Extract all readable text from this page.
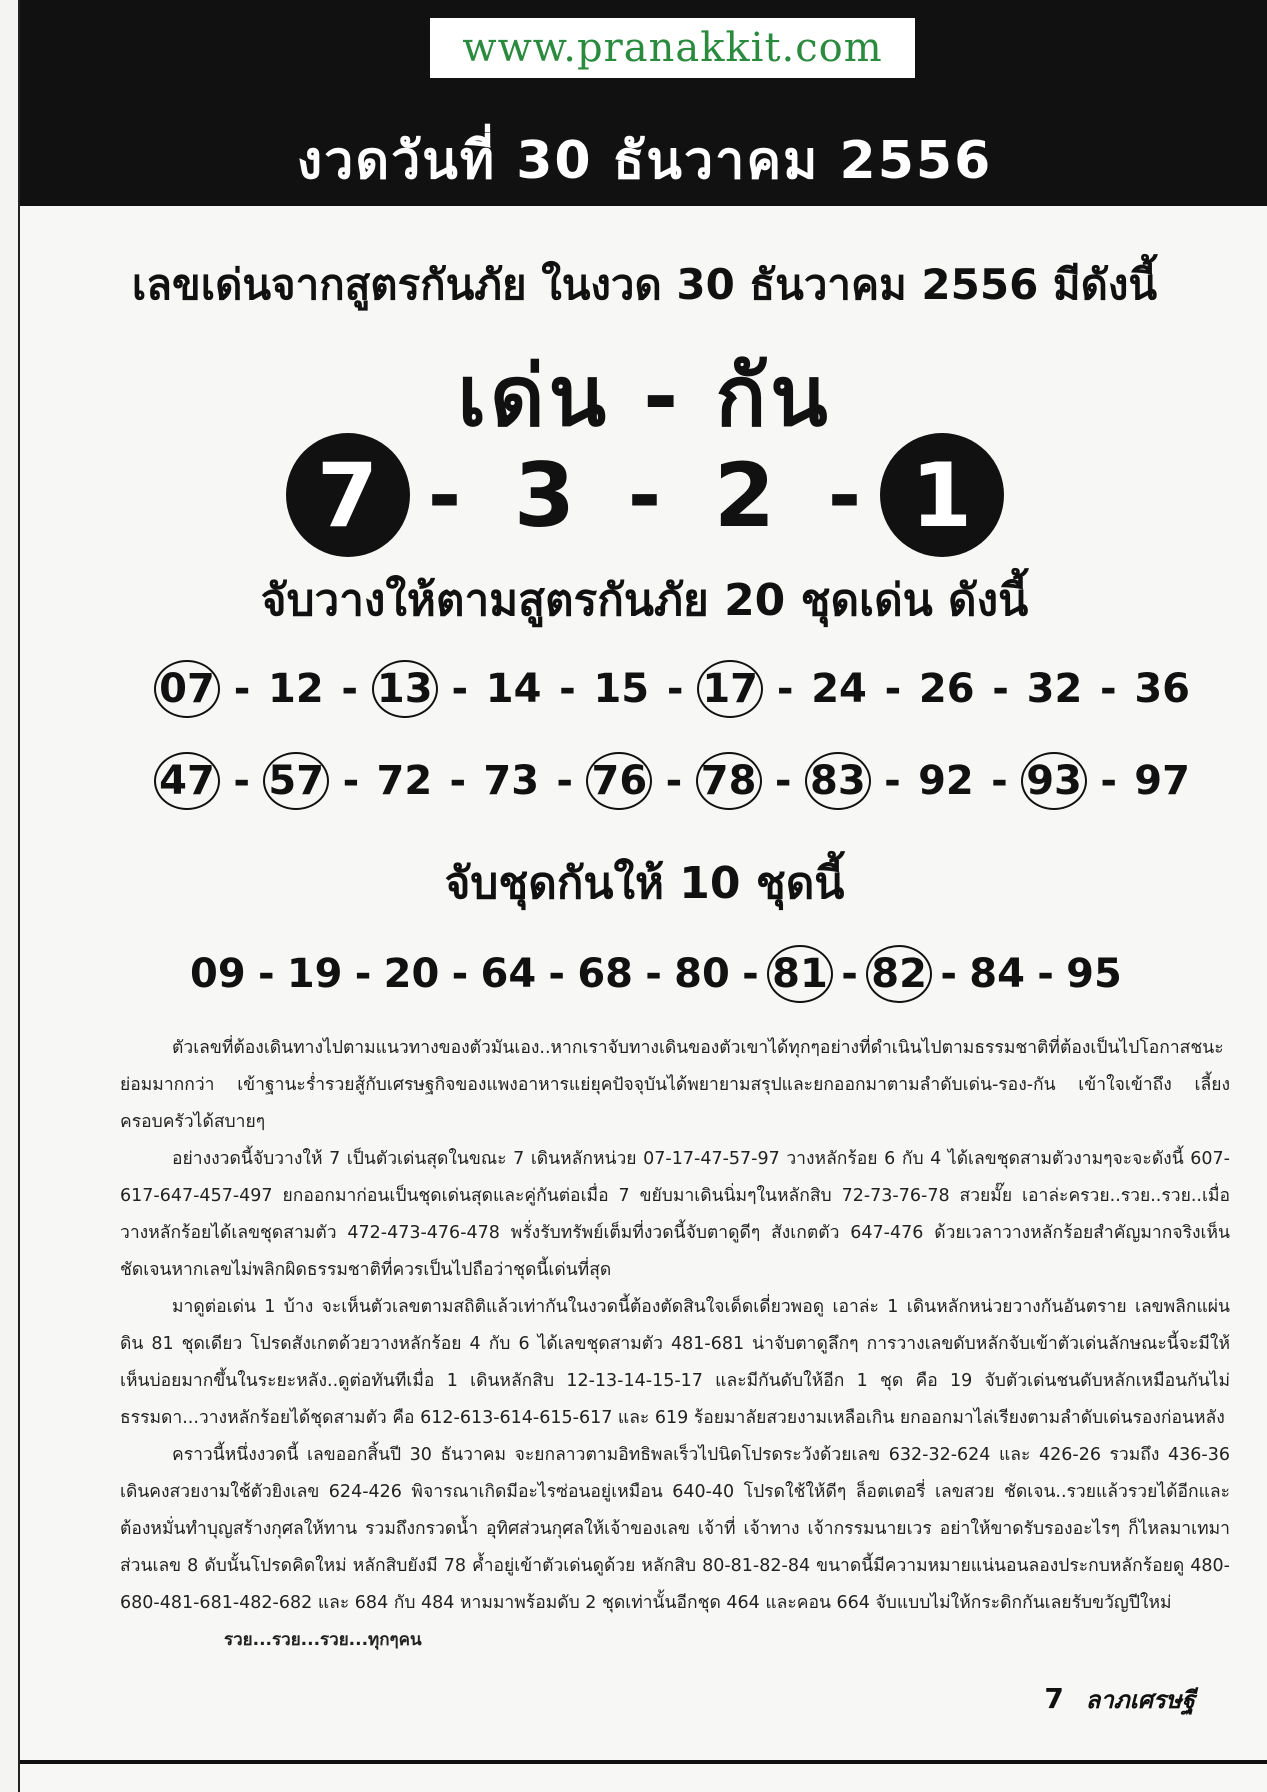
www.pranakkit.com
งวดวันที่ 30 ธันวาคม 2556
เลขเด่นจากสูตรกันภัย ในงวด 30 ธันวาคม 2556 มีดังนี้
เด่น - กัน
7 - 3 - 2 - 1
จับวางให้ตามสูตรกันภัย 20 ชุดเด่น ดังนี้
07 - 12 - 13 - 14 - 15 - 17 - 24 - 26 - 32 - 36
47 - 57 - 72 - 73 - 76 - 78 - 83 - 92 - 93 - 97
จับชุดกันให้ 10 ชุดนี้
09 - 19 - 20 - 64 - 68 - 80 - 81 - 82 - 84 - 95

ตัวเลขที่ต้องเดินทางไปตามแนวทางของตัวมันเอง..หากเราจับทางเดินของตัวเขาได้ทุกๆอย่างที่ดำเนินไปตามธรรมชาติที่ต้องเป็นไปโอกาสชนะย่อมมากกว่า เข้าฐานะร่ำรวยสู้กับเศรษฐกิจของแพงอาหารแย่ยุคปัจจุบันได้พยายามสรุปและยกออกมาตามลำดับเด่น-รอง-กัน เข้าใจเข้าถึง เลี้ยงครอบครัวได้สบายๆ

อย่างงวดนี้จับวางให้ 7 เป็นตัวเด่นสุดในขณะ 7 เดินหลักหน่วย 07-17-47-57-97 วางหลักร้อย 6 กับ 4 ได้เลขชุดสามตัวงามๆจะจะดังนี้ 607-617-647-457-497 ยกออกมาก่อนเป็นชุดเด่นสุดและคู่กันต่อเมื่อ 7 ขยับมาเดินนิ่มๆในหลักสิบ 72-73-76-78 สวยมั๊ย เอาล่ะครวย..รวย..รวย..เมื่อวางหลักร้อยได้เลขชุดสามตัว 472-473-476-478 พรั่งรับทรัพย์เต็มที่งวดนี้จับตาดูดีๆ สังเกตตัว 647-476 ด้วยเวลาวางหลักร้อยสำคัญมากจริงเห็นชัดเจนหากเลขไม่พลิกผิดธรรมชาติที่ควรเป็นไปถือว่าชุดนี้เด่นที่สุด

มาดูต่อเด่น 1 บ้าง จะเห็นตัวเลขตามสถิติแล้วเท่ากันในงวดนี้ต้องตัดสินใจเด็ดเดี่ยวพอดู เอาล่ะ 1 เดินหลักหน่วยวางกันอันตราย เลขพลิกแผ่นดิน 81 ชุดเดียว โปรดสังเกตด้วยวางหลักร้อย 4 กับ 6 ได้เลขชุดสามตัว 481-681 น่าจับตาดูลึกๆ การวางเลขดับหลักจับเข้าตัวเด่นลักษณะนี้จะมีให้เห็นบ่อยมากขึ้นในระยะหลัง..ดูต่อทันทีเมื่อ 1 เดินหลักสิบ 12-13-14-15-17 และมีกันดับให้อีก 1 ชุด คือ 19 จับตัวเด่นชนดับหลักเหมือนกันไม่ธรรมดา...วางหลักร้อยได้ชุดสามตัว คือ 612-613-614-615-617 และ 619 ร้อยมาลัยสวยงามเหลือเกิน ยกออกมาไล่เรียงตามลำดับเด่นรองก่อนหลัง

คราวนี้หนึ่งงวดนี้ เลขออกสิ้นปี 30 ธันวาคม จะยกลาวตามอิทธิพลเร็วไปนิดโปรดระวังด้วยเลข 632-32-624 และ 426-26 รวมถึง 436-36 เดินคงสวยงามใช้ตัวยิงเลข 624-426 พิจารณาเกิดมีอะไรซ่อนอยู่เหมือน 640-40 โปรดใช้ให้ดีๆ ล็อตเตอรี่ เลขสวย ชัดเจน..รวยแล้วรวยได้อีกและต้องหมั่นทำบุญสร้างกุศลให้ทาน รวมถึงกรวดน้ำ อุทิศส่วนกุศลให้เจ้าของเลข เจ้าที่ เจ้าทาง เจ้ากรรมนายเวร อย่าให้ขาดรับรองอะไรๆ ก็ไหลมาเทมาส่วนเลข 8 ดับนั้นโปรดคิดใหม่ หลักสิบยังมี 78 ค้ำอยู่เข้าตัวเด่นดูด้วย หลักสิบ 80-81-82-84 ขนาดนี้มีความหมายแน่นอนลองประกบหลักร้อยดู 480-680-481-681-482-682 และ 684 กับ 484 หามมาพร้อมดับ 2 ชุดเท่านั้นอีกชุด 464 และคอน 664 จับแบบไม่ให้กระดิกกันเลยรับขวัญปีใหม่

รวย...รวย...รวย...ทุกๆคน

7 ลาภเศรษฐี
